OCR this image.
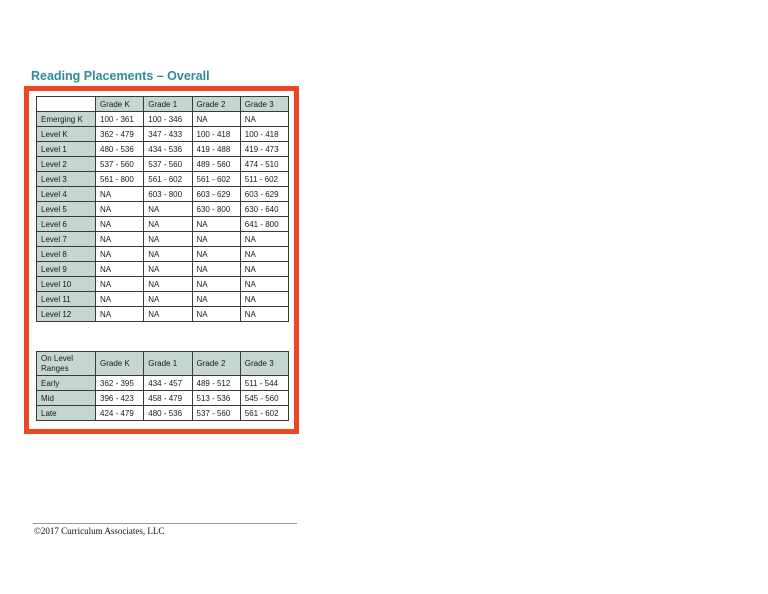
Reading Placements – Overall
	Grade K	Grade 1	Grade 2	Grade 3
Emerging K	100 - 361	100 - 346	NA	NA
Level K	362 - 479	347 - 433	100 - 418	100 - 418
Level 1	480 - 536	434 - 536	419 - 488	419 - 473
Level 2	537 - 560	537 - 560	489 - 560	474 - 510
Level 3	561 - 800	561 - 602	561 - 602	511 - 602
Level 4	NA	603 - 800	603 - 629	603 - 629
Level 5	NA	NA	630 - 800	630 - 640
Level 6	NA	NA	NA	641 - 800
Level 7	NA	NA	NA	NA
Level 8	NA	NA	NA	NA
Level 9	NA	NA	NA	NA
Level 10	NA	NA	NA	NA
Level 11	NA	NA	NA	NA
Level 12	NA	NA	NA	NA
On Level Ranges	Grade K	Grade 1	Grade 2	Grade 3
Early	362 - 395	434 - 457	489 - 512	511 - 544
Mid	396 - 423	458 - 479	513 - 536	545 - 560
Late	424 - 479	480 - 536	537 - 560	561 - 602
©2017 Curriculum Associates, LLC
